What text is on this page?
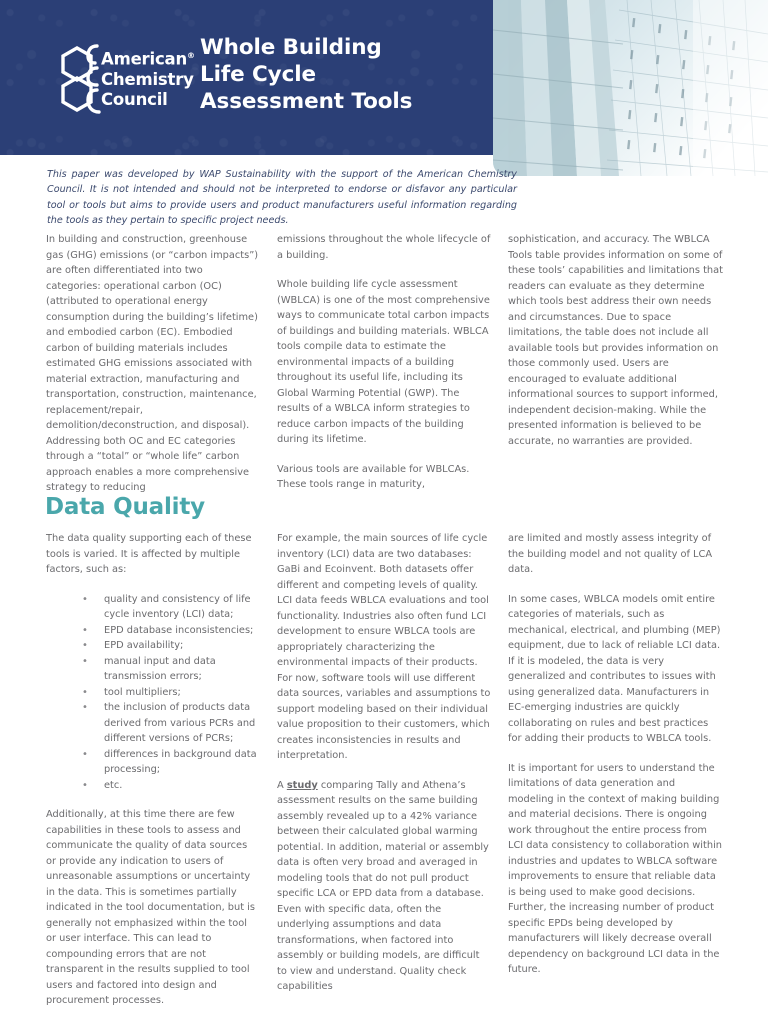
American®
Chemistry
Council
Whole Building
Life Cycle
Assessment Tools
This paper was developed by WAP Sustainability with the support of the American Chemistry Council. It is not intended and should not be interpreted to endorse or disfavor any particular tool or tools but aims to provide users and product manufacturers useful information regarding the tools as they pertain to specific project needs.

In building and construction, greenhouse gas (GHG) emissions (or “carbon impacts”) are often differentiated into two categories: operational carbon (OC) (attributed to operational energy consumption during the building’s lifetime) and embodied carbon (EC). Embodied carbon of building materials includes estimated GHG emissions associated with material extraction, manufacturing and transportation, construction, maintenance, replacement/repair, demolition/deconstruction, and disposal). Addressing both OC and EC categories through a “total” or “whole life” carbon approach enables a more comprehensive strategy to reducing

emissions throughout the whole lifecycle of a building.

Whole building life cycle assessment (WBLCA) is one of the most comprehensive ways to communicate total carbon impacts of buildings and building materials. WBLCA tools compile data to estimate the environmental impacts of a building throughout its useful life, including its Global Warming Potential (GWP). The results of a WBLCA inform strategies to reduce carbon impacts of the building during its lifetime.

Various tools are available for WBLCAs. These tools range in maturity,

sophistication, and accuracy. The WBLCA Tools table provides information on some of these tools’ capabilities and limitations that readers can evaluate as they determine which tools best address their own needs and circumstances. Due to space limitations, the table does not include all available tools but provides information on those commonly used. Users are encouraged to evaluate additional informational sources to support informed, independent decision-making. While the presented information is believed to be accurate, no warranties are provided.

Data Quality

The data quality supporting each of these tools is varied. It is affected by multiple factors, such as:

• quality and consistency of life cycle inventory (LCI) data;
• EPD database inconsistencies;
• EPD availability;
• manual input and data transmission errors;
• tool multipliers;
• the inclusion of products data derived from various PCRs and different versions of PCRs;
• differences in background data processing;
• etc.

Additionally, at this time there are few capabilities in these tools to assess and communicate the quality of data sources or provide any indication to users of unreasonable assumptions or uncertainty in the data. This is sometimes partially indicated in the tool documentation, but is generally not emphasized within the tool or user interface. This can lead to compounding errors that are not transparent in the results supplied to tool users and factored into design and procurement processes.

For example, the main sources of life cycle inventory (LCI) data are two databases: GaBi and Ecoinvent. Both datasets offer different and competing levels of quality. LCI data feeds WBLCA evaluations and tool functionality. Industries also often fund LCI development to ensure WBLCA tools are appropriately characterizing the environmental impacts of their products. For now, software tools will use different data sources, variables and assumptions to support modeling based on their individual value proposition to their customers, which creates inconsistencies in results and interpretation.

A study comparing Tally and Athena’s assessment results on the same building assembly revealed up to a 42% variance between their calculated global warming potential. In addition, material or assembly data is often very broad and averaged in modeling tools that do not pull product specific LCA or EPD data from a database. Even with specific data, often the underlying assumptions and data transformations, when factored into assembly or building models, are difficult to view and understand. Quality check capabilities

are limited and mostly assess integrity of the building model and not quality of LCA data.

In some cases, WBLCA models omit entire categories of materials, such as mechanical, electrical, and plumbing (MEP) equipment, due to lack of reliable LCI data. If it is modeled, the data is very generalized and contributes to issues with using generalized data. Manufacturers in EC-emerging industries are quickly collaborating on rules and best practices for adding their products to WBLCA tools.

It is important for users to understand the limitations of data generation and modeling in the context of making building and material decisions. There is ongoing work throughout the entire process from LCI data consistency to collaboration within industries and updates to WBLCA software improvements to ensure that reliable data is being used to make good decisions. Further, the increasing number of product specific EPDs being developed by manufacturers will likely decrease overall dependency on background LCI data in the future.
